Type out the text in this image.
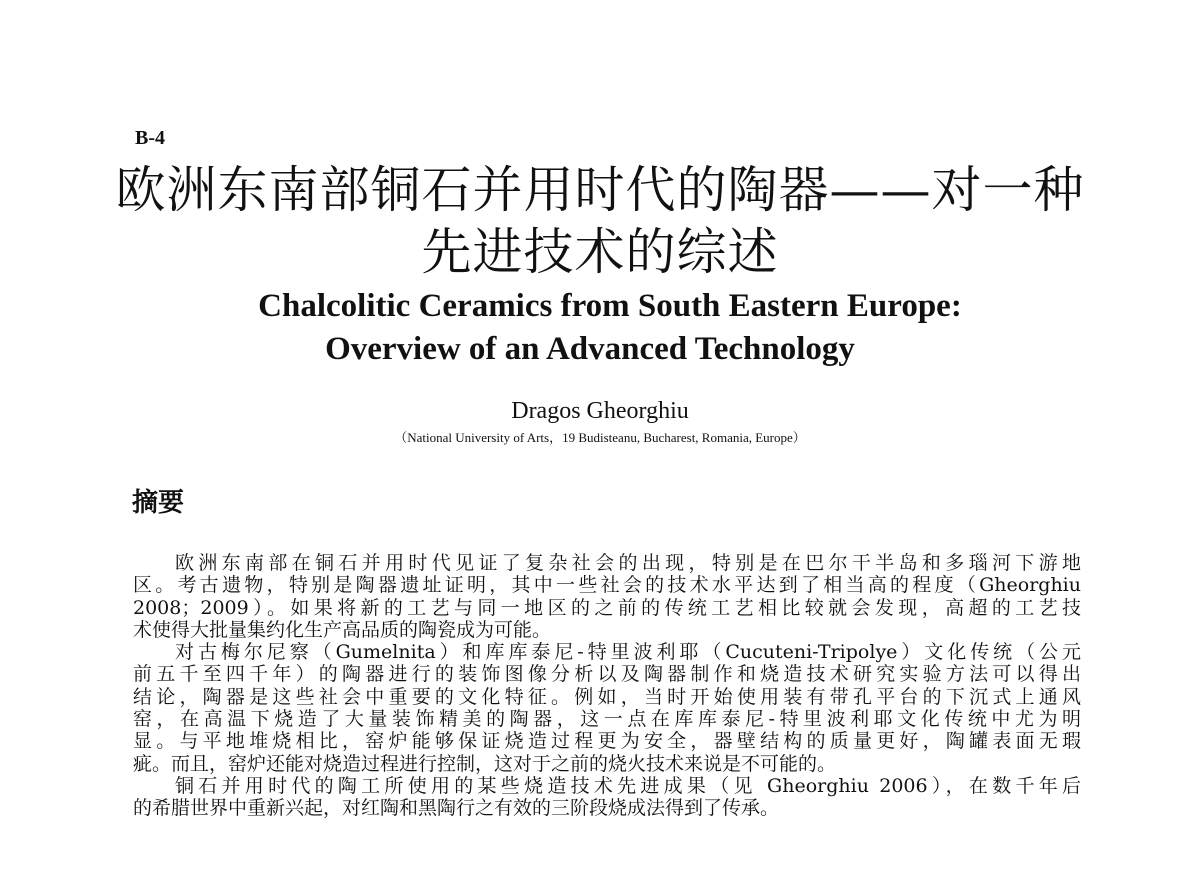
B-4
欧洲东南部铜石并用时代的陶器——对一种
先进技术的综述
Chalcolitic Ceramics from South Eastern Europe:
Overview of an Advanced Technology
Dragos Gheorghiu
（National University of Arts，19 Budisteanu, Bucharest, Romania, Europe）
摘要
欧洲东南部在铜石并用时代见证了复杂社会的出现，特别是在巴尔干半岛和多瑙河下游地
区。考古遗物，特别是陶器遗址证明，其中一些社会的技术水平达到了相当高的程度（Gheorghiu
2008；2009）。如果将新的工艺与同一地区的之前的传统工艺相比较就会发现，高超的工艺技
术使得大批量集约化生产高品质的陶瓷成为可能。
对古梅尔尼察（Gumelnita）和库库泰尼-特里波利耶（Cucuteni-Tripolye）文化传统（公元
前五千至四千年）的陶器进行的装饰图像分析以及陶器制作和烧造技术研究实验方法可以得出
结论，陶器是这些社会中重要的文化特征。例如，当时开始使用装有带孔平台的下沉式上通风
窑，在高温下烧造了大量装饰精美的陶器，这一点在库库泰尼-特里波利耶文化传统中尤为明
显。与平地堆烧相比，窑炉能够保证烧造过程更为安全，器壁结构的质量更好，陶罐表面无瑕
疵。而且，窑炉还能对烧造过程进行控制，这对于之前的烧火技术来说是不可能的。
铜石并用时代的陶工所使用的某些烧造技术先进成果（见 Gheorghiu 2006），在数千年后
的希腊世界中重新兴起，对红陶和黑陶行之有效的三阶段烧成法得到了传承。
